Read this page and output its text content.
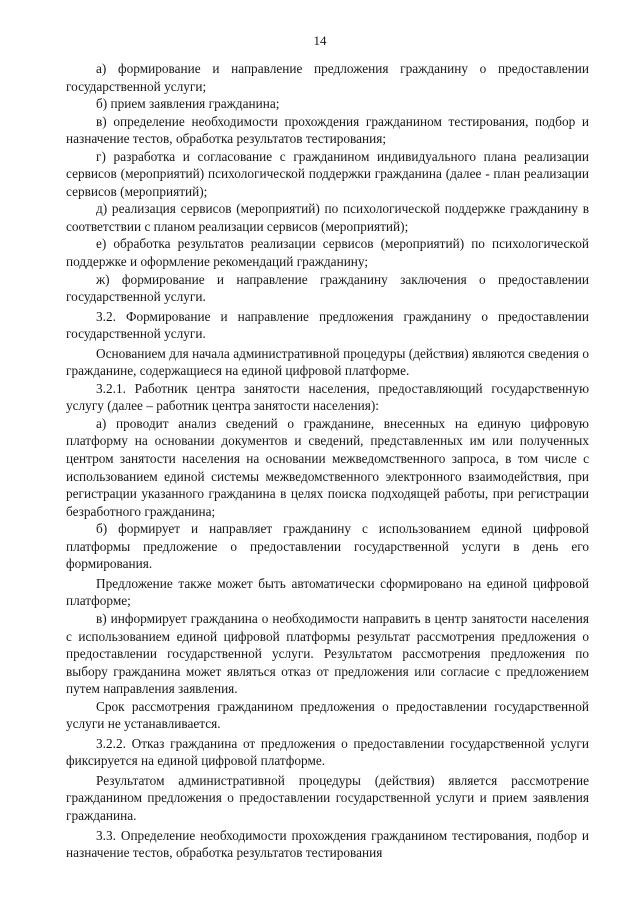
14

а) формирование и направление предложения гражданину о предоставлении государственной услуги;

б) прием заявления гражданина;

в) определение необходимости прохождения гражданином тестирования, подбор и назначение тестов, обработка результатов тестирования;

г) разработка и согласование с гражданином индивидуального плана реализации сервисов (мероприятий) психологической поддержки гражданина (далее - план реализации сервисов (мероприятий);

д) реализация сервисов (мероприятий) по психологической поддержке гражданину в соответствии с планом реализации сервисов (мероприятий);

е) обработка результатов реализации сервисов (мероприятий) по психологической поддержке и оформление рекомендаций гражданину;

ж) формирование и направление гражданину заключения о предоставлении государственной услуги.

3.2. Формирование и направление предложения гражданину о предоставлении государственной услуги.

Основанием для начала административной процедуры (действия) являются сведения о гражданине, содержащиеся на единой цифровой платформе.

3.2.1. Работник центра занятости населения, предоставляющий государственную услугу (далее – работник центра занятости населения):

а) проводит анализ сведений о гражданине, внесенных на единую цифровую платформу на основании документов и сведений, представленных им или полученных центром занятости населения на основании межведомственного запроса, в том числе с использованием единой системы межведомственного электронного взаимодействия, при регистрации указанного гражданина в целях поиска подходящей работы, при регистрации безработного гражданина;

б) формирует и направляет гражданину с использованием единой цифровой платформы предложение о предоставлении государственной услуги в день его формирования.

Предложение также может быть автоматически сформировано на единой цифровой платформе;

в) информирует гражданина о необходимости направить в центр занятости населения с использованием единой цифровой платформы результат рассмотрения предложения о предоставлении государственной услуги. Результатом рассмотрения предложения по выбору гражданина может являться отказ от предложения или согласие с предложением путем направления заявления.

Срок рассмотрения гражданином предложения о предоставлении государственной услуги не устанавливается.

3.2.2. Отказ гражданина от предложения о предоставлении государственной услуги фиксируется на единой цифровой платформе.

Результатом административной процедуры (действия) является рассмотрение гражданином предложения о предоставлении государственной услуги и прием заявления гражданина.

3.3. Определение необходимости прохождения гражданином тестирования, подбор и назначение тестов, обработка результатов тестирования
